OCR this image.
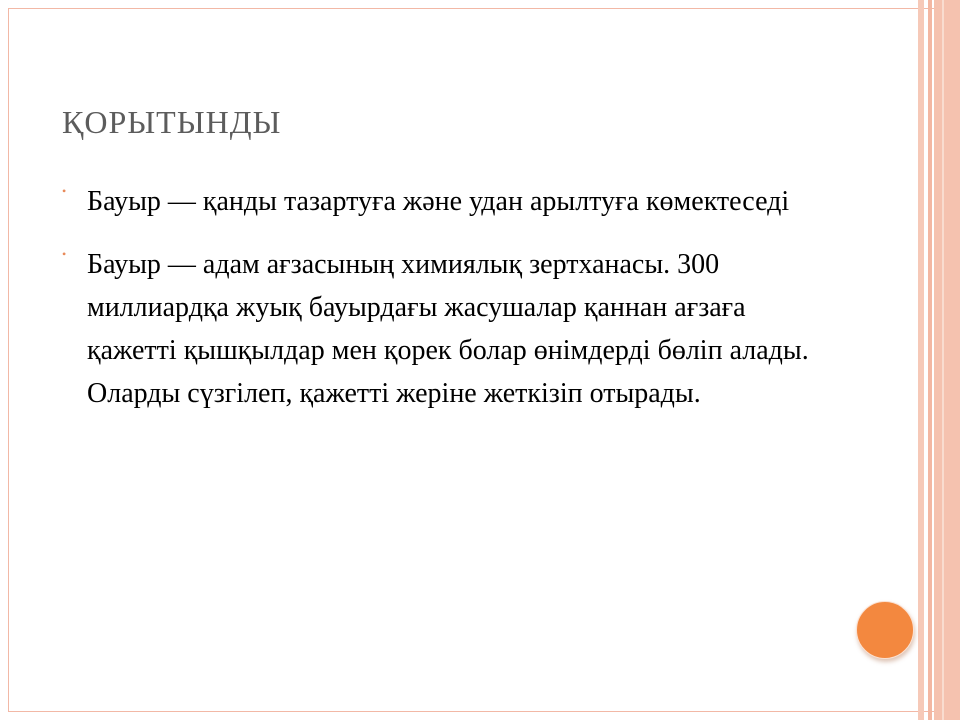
ҚОРЫТЫНДЫ
• Бауыр — қанды тазартуға және удан арылтуға көмектеседі
• Бауыр — адам ағзасының химиялық зертханасы. 300 миллиардқа жуық бауырдағы жасушалар қаннан ағзаға қажетті қышқылдар мен қорек болар өнімдерді бөліп алады. Оларды сүзгілеп, қажетті жеріне жеткізіп отырады.
